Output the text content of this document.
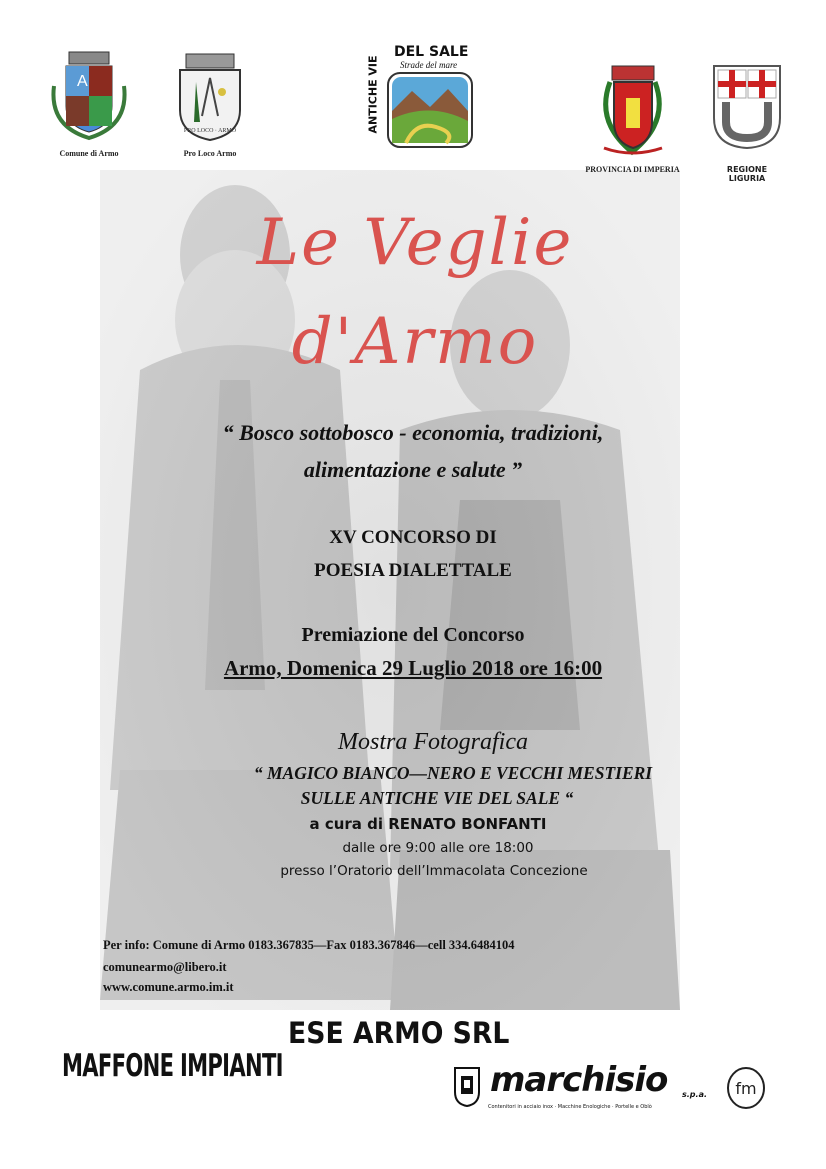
A
Comune di Armo
PRO LOCO · ARMO
Pro Loco Armo
ANTICHE VIE
DEL SALE
Strade del mare
PROVINCIA DI IMPERIA	REGIONE LIGURIA
Le Veglie
d'Armo
“ Bosco sottobosco - economia, tradizioni,
alimentazione e salute ”
XV CONCORSO DI
POESIA DIALETTALE
Premiazione del Concorso
Armo, Domenica 29 Luglio 2018 ore 16:00
Mostra Fotografica
“ MAGICO BIANCO—NERO E VECCHI MESTIERI
SULLE ANTICHE VIE DEL SALE “
a cura di RENATO BONFANTI
dalle ore 9:00 alle ore 18:00
presso l’Oratorio dell’Immacolata Concezione
Per info: Comune di Armo 0183.367835—Fax 0183.367846—cell 334.6484104
comunearmo@libero.it
www.comune.armo.im.it
ESE ARMO SRL
MAFFONE IMPIANTI	marchisio s.p.a.
Contenitori in acciaio inox · Macchine Enologiche · Portelle e Oblò
fm
